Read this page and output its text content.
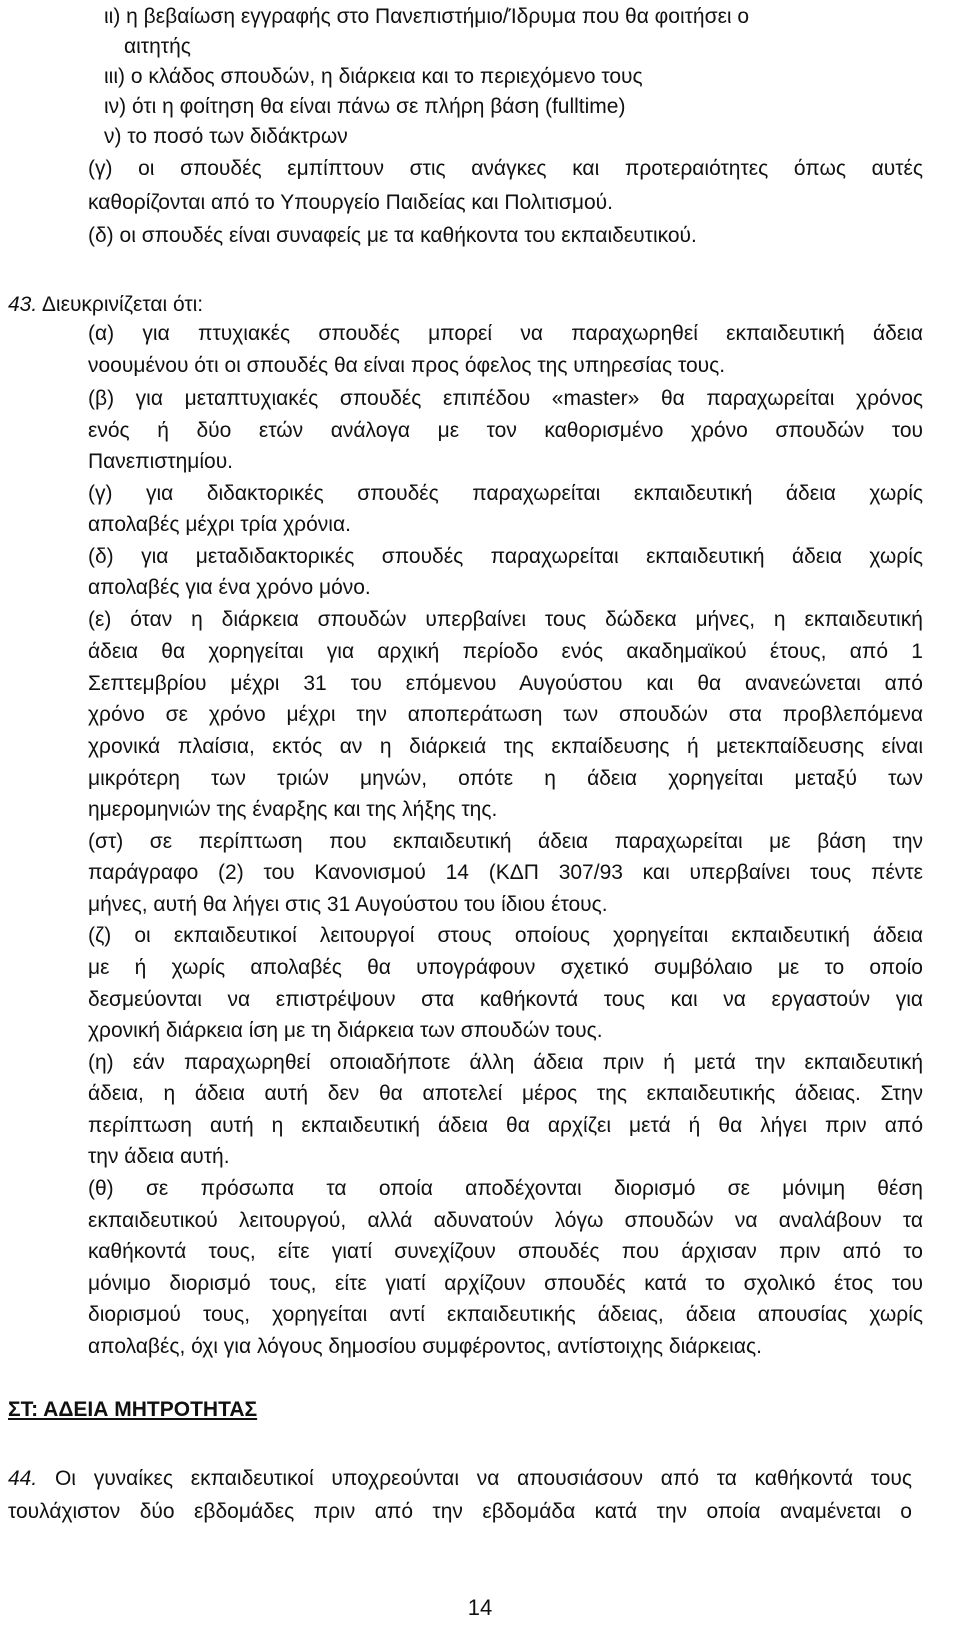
ιι) η βεβαίωση εγγραφής στο Πανεπιστήμιο/Ίδρυμα που θα φοιτήσει ο
αιτητής
ιιι) ο κλάδος σπουδών, η διάρκεια και το περιεχόμενο τους
ιν) ότι η φοίτηση θα είναι πάνω σε πλήρη βάση (fulltime)
ν) το ποσό των διδάκτρων
(γ) οι σπουδές εμπίπτουν στις ανάγκες και προτεραιότητες όπως αυτές
καθορίζονται από το Υπουργείο Παιδείας και Πολιτισμού.
(δ) οι σπουδές είναι συναφείς με τα καθήκοντα του εκπαιδευτικού.
43. Διευκρινίζεται ότι:
(α) για πτυχιακές σπουδές μπορεί να παραχωρηθεί εκπαιδευτική άδεια
νοουμένου ότι οι σπουδές θα είναι προς όφελος της υπηρεσίας τους.
(β) για μεταπτυχιακές σπουδές επιπέδου «master» θα παραχωρείται χρόνος
ενός ή δύο ετών ανάλογα με τον καθορισμένο χρόνο σπουδών του
Πανεπιστημίου.
(γ) για διδακτορικές σπουδές παραχωρείται εκπαιδευτική άδεια χωρίς
απολαβές μέχρι τρία χρόνια.
(δ) για μεταδιδακτορικές σπουδές παραχωρείται εκπαιδευτική άδεια χωρίς
απολαβές για ένα χρόνο μόνο.
(ε) όταν η διάρκεια σπουδών υπερβαίνει τους δώδεκα μήνες, η εκπαιδευτική
άδεια θα χορηγείται για αρχική περίοδο ενός ακαδημαϊκού έτους, από 1
Σεπτεμβρίου μέχρι 31 του επόμενου Αυγούστου και θα ανανεώνεται από
χρόνο σε χρόνο μέχρι την αποπεράτωση των σπουδών στα προβλεπόμενα
χρονικά πλαίσια, εκτός αν η διάρκειά της εκπαίδευσης ή μετεκπαίδευσης είναι
μικρότερη των τριών μηνών, οπότε η άδεια χορηγείται μεταξύ των
ημερομηνιών της έναρξης και της λήξης της.
(στ) σε περίπτωση που εκπαιδευτική άδεια παραχωρείται με βάση την
παράγραφο (2) του Κανονισμού 14 (ΚΔΠ 307/93 και υπερβαίνει τους πέντε
μήνες, αυτή θα λήγει στις 31 Αυγούστου του ίδιου έτους.
(ζ) οι εκπαιδευτικοί λειτουργοί στους οποίους χορηγείται εκπαιδευτική άδεια
με ή χωρίς απολαβές θα υπογράφουν σχετικό συμβόλαιο με το οποίο
δεσμεύονται να επιστρέψουν στα καθήκοντά τους και να εργαστούν για
χρονική διάρκεια ίση με τη διάρκεια των σπουδών τους.
(η) εάν παραχωρηθεί οποιαδήποτε άλλη άδεια πριν ή μετά την εκπαιδευτική
άδεια, η άδεια αυτή δεν θα αποτελεί μέρος της εκπαιδευτικής άδειας. Στην
περίπτωση αυτή η εκπαιδευτική άδεια θα αρχίζει μετά ή θα λήγει πριν από
την άδεια αυτή.
(θ) σε πρόσωπα τα οποία αποδέχονται διορισμό σε μόνιμη θέση
εκπαιδευτικού λειτουργού, αλλά αδυνατούν λόγω σπουδών να αναλάβουν τα
καθήκοντά τους, είτε γιατί συνεχίζουν σπουδές που άρχισαν πριν από το
μόνιμο διορισμό τους, είτε γιατί αρχίζουν σπουδές κατά το σχολικό έτος του
διορισμού τους, χορηγείται αντί εκπαιδευτικής άδειας, άδεια απουσίας χωρίς
απολαβές, όχι για λόγους δημοσίου συμφέροντος, αντίστοιχης διάρκειας.
ΣΤ: ΑΔΕΙΑ ΜΗΤΡΟΤΗΤΑΣ
44. Οι γυναίκες εκπαιδευτικοί υποχρεούνται να απουσιάσουν από τα καθήκοντά τους
τουλάχιστον δύο εβδομάδες πριν από την εβδομάδα κατά την οποία αναμένεται ο
14
